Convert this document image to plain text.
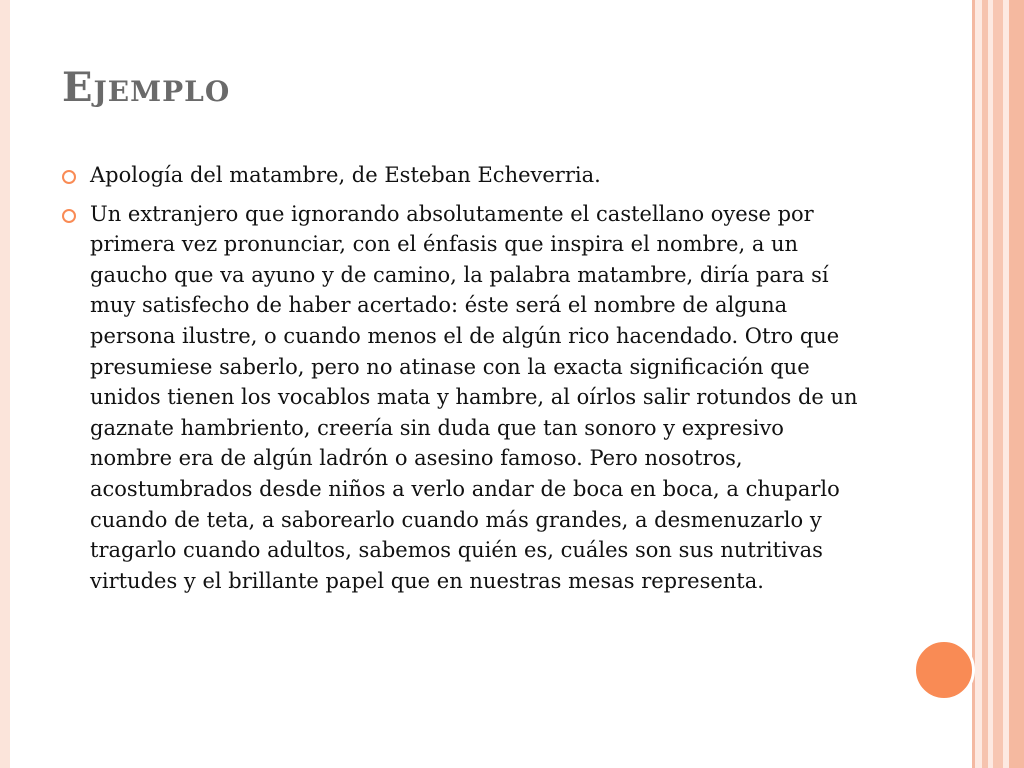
Ejemplo
Apología del matambre, de Esteban Echeverria.
Un extranjero que ignorando absolutamente el castellano oyese por primera vez pronunciar, con el énfasis que inspira el nombre, a un gaucho que va ayuno y de camino, la palabra matambre, diría para sí muy satisfecho de haber acertado: éste será el nombre de alguna persona ilustre, o cuando menos el de algún rico hacendado. Otro que presumiese saberlo, pero no atinase con la exacta significación que unidos tienen los vocablos mata y hambre, al oírlos salir rotundos de un gaznate hambriento, creería sin duda que tan sonoro y expresivo nombre era de algún ladrón o asesino famoso. Pero nosotros, acostumbrados desde niños a verlo andar de boca en boca, a chuparlo cuando de teta, a saborearlo cuando más grandes, a desmenuzarlo y tragarlo cuando adultos, sabemos quién es, cuáles son sus nutritivas virtudes y el brillante papel que en nuestras mesas representa.
